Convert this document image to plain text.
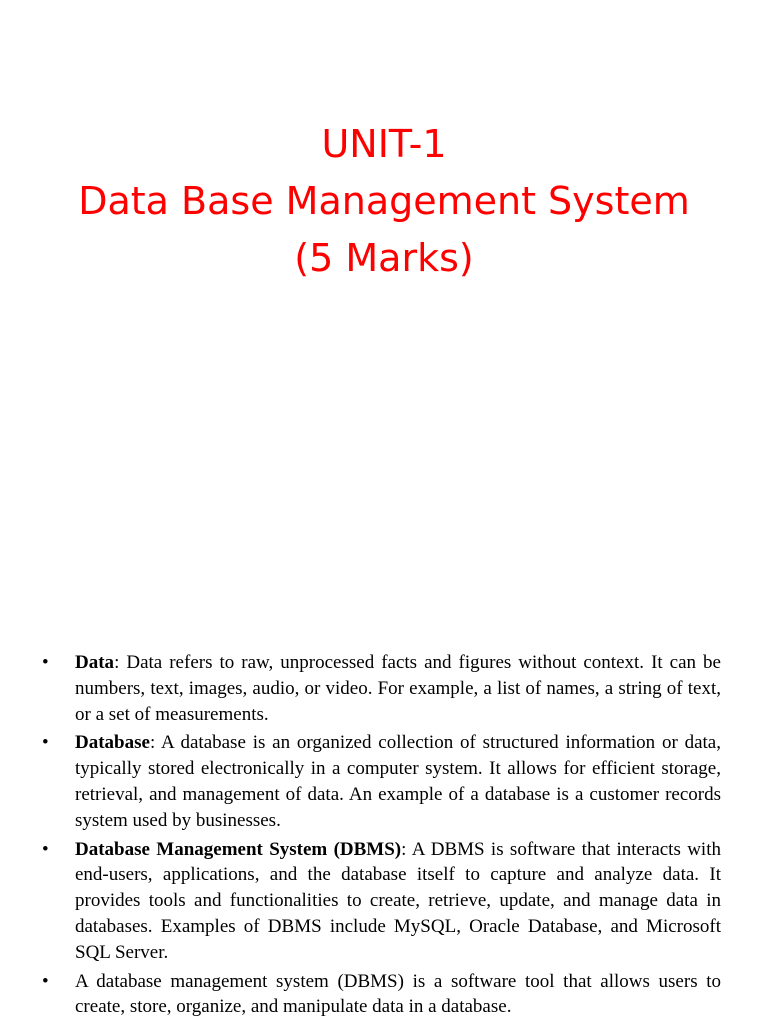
UNIT-1
Data Base Management System
(5 Marks)
• Data: Data refers to raw, unprocessed facts and figures without context. It can be numbers, text, images, audio, or video. For example, a list of names, a string of text, or a set of measurements.
• Database: A database is an organized collection of structured information or data, typically stored electronically in a computer system. It allows for efficient storage, retrieval, and management of data. An example of a database is a customer records system used by businesses.
• Database Management System (DBMS): A DBMS is software that interacts with end-users, applications, and the database itself to capture and analyze data. It provides tools and functionalities to create, retrieve, update, and manage data in databases. Examples of DBMS include MySQL, Oracle Database, and Microsoft SQL Server.
• A database management system (DBMS) is a software tool that allows users to create, store, organize, and manipulate data in a database.
